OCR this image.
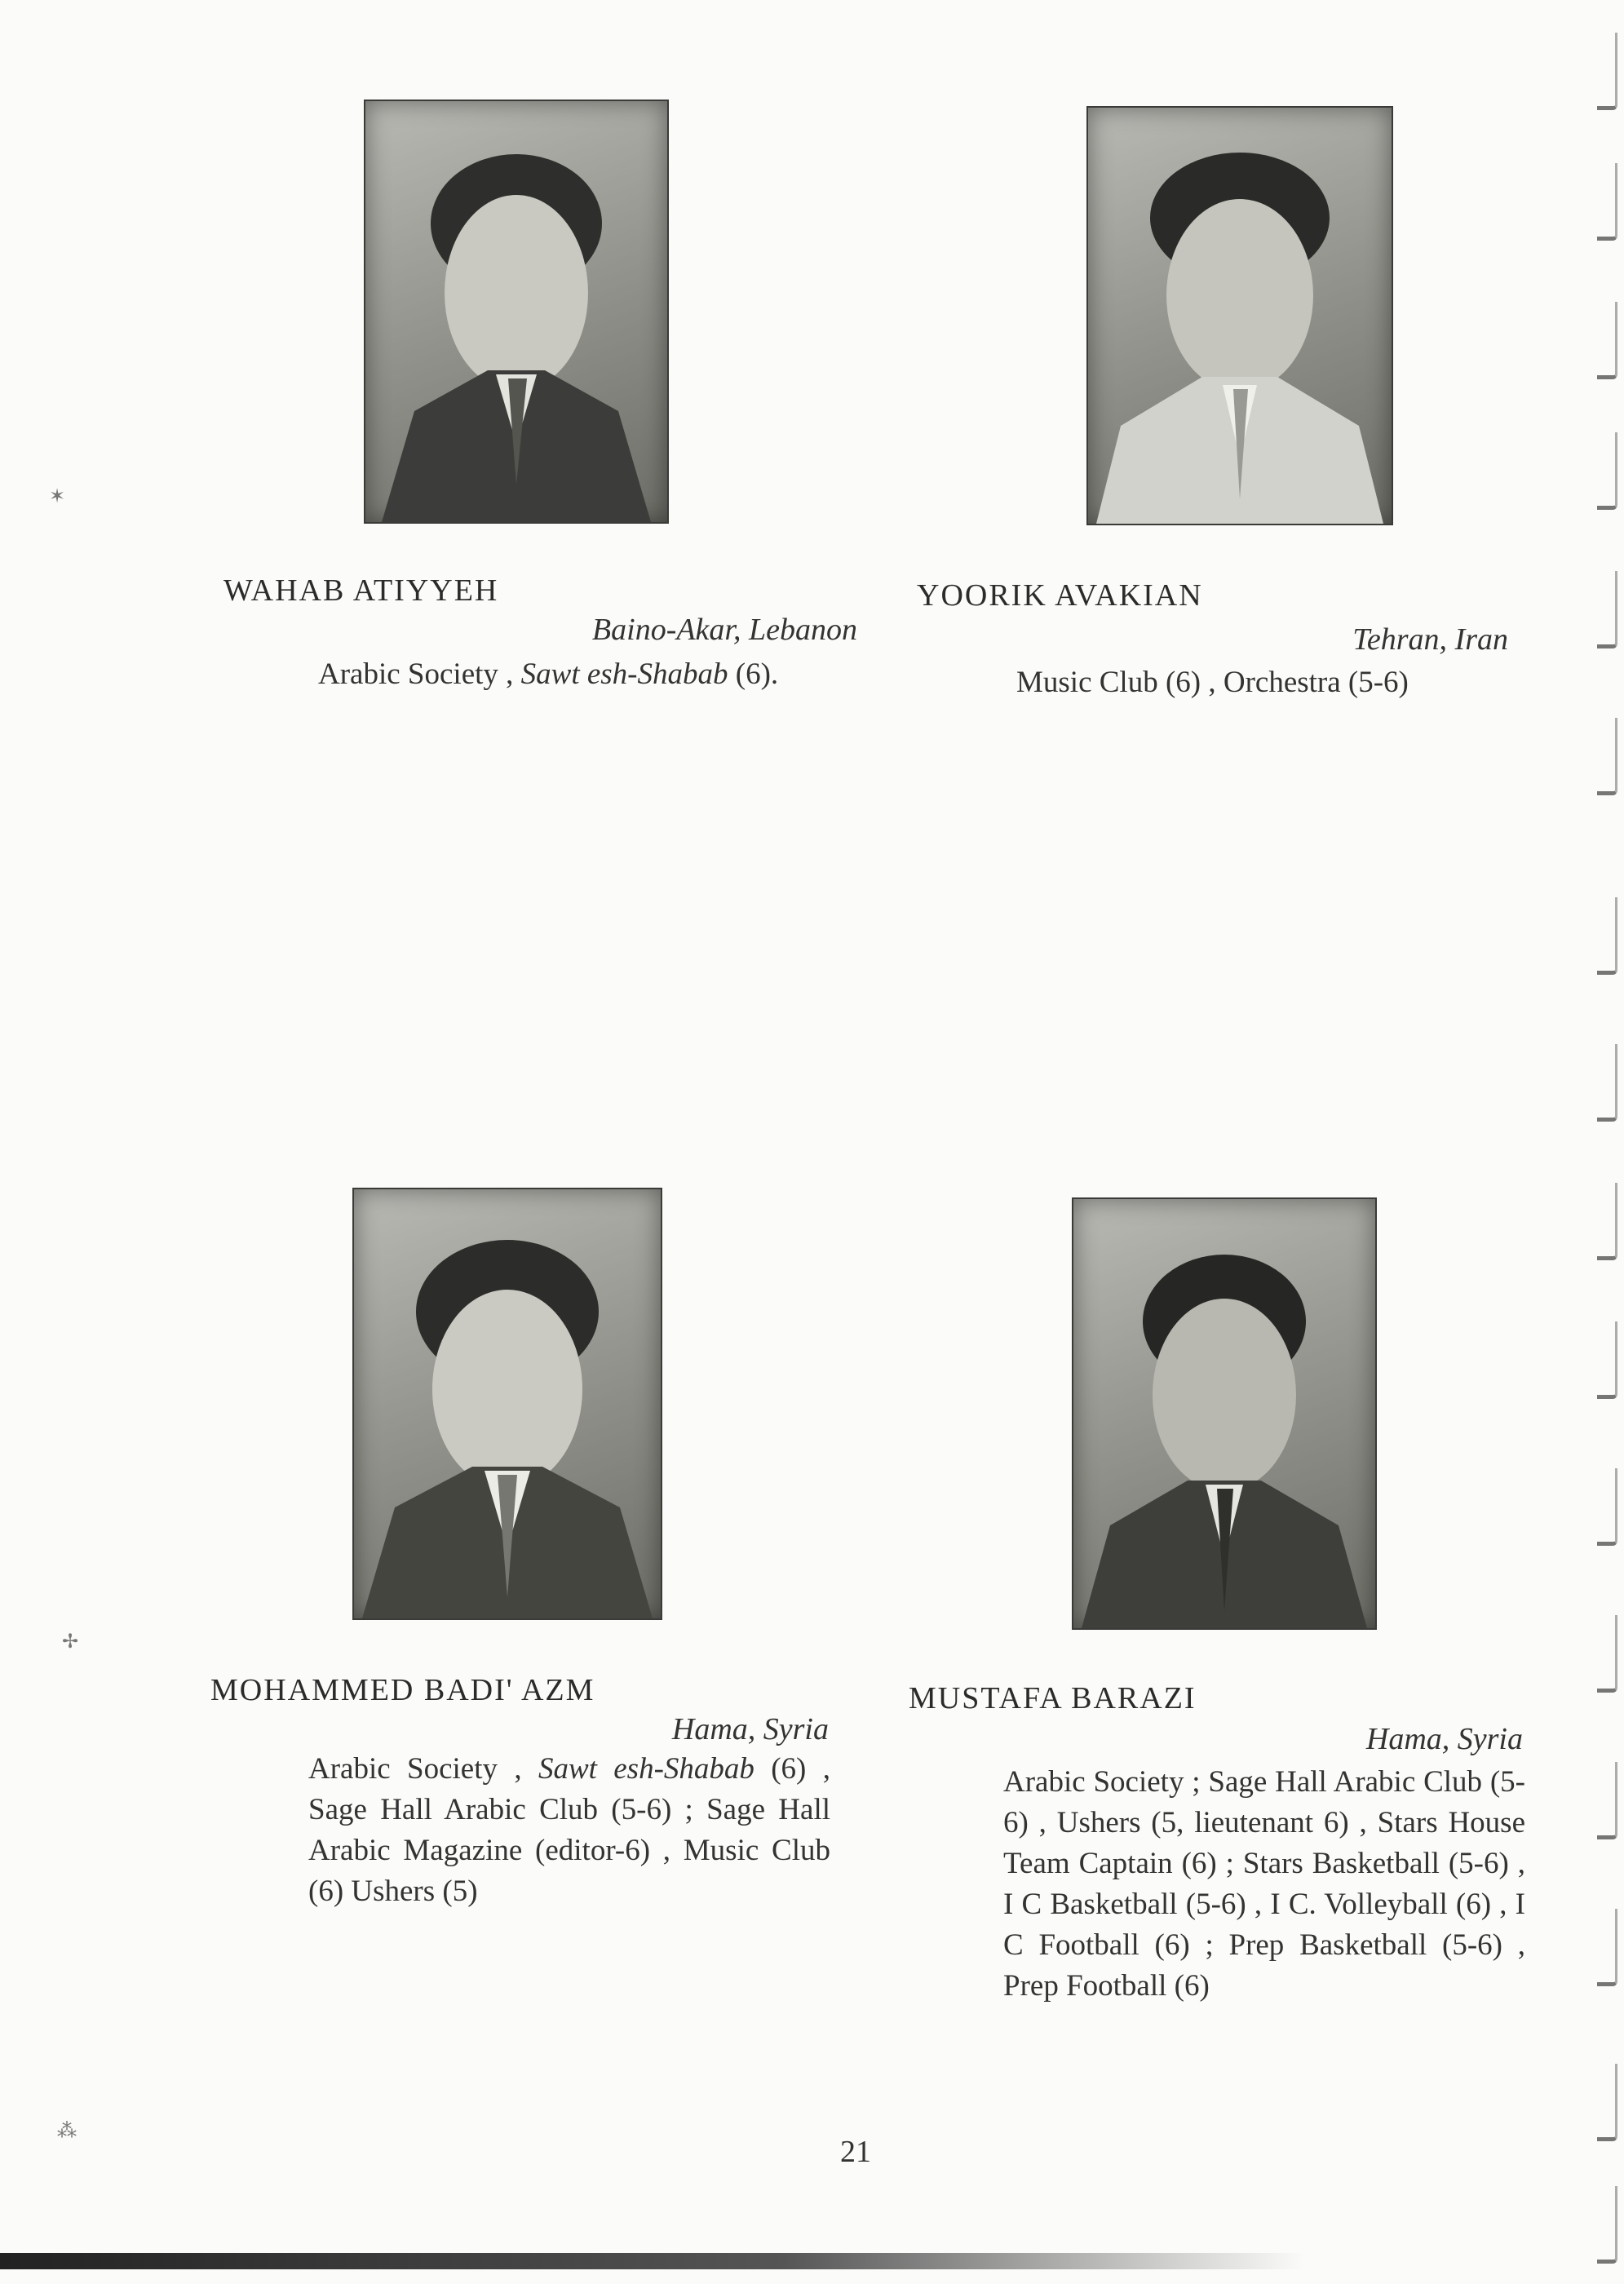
WAHAB ATIYYEH
Baino-Akar, Lebanon
Arabic Society , Sawt esh-Shabab (6).
YOORIK AVAKIAN
Tehran, Iran
Music Club (6) , Orchestra (5-6)
MOHAMMED BADI' AZM
Hama, Syria
Arabic Society , Sawt esh-Shabab (6) , Sage Hall Arabic Club (5-6) ; Sage Hall Arabic Magazine (editor-6) , Music Club (6) Ushers (5)
MUSTAFA BARAZI
Hama, Syria
Arabic Society ; Sage Hall Arabic Club (5-6) , Ushers (5, lieutenant 6) , Stars House Team Captain (6) ; Stars Basketball (5-6) , I C Basketball (5-6) , I C. Volleyball (6) , I C Football (6) ; Prep Basketball (5-6) , Prep Football (6)
21
✶
✢
⁂
